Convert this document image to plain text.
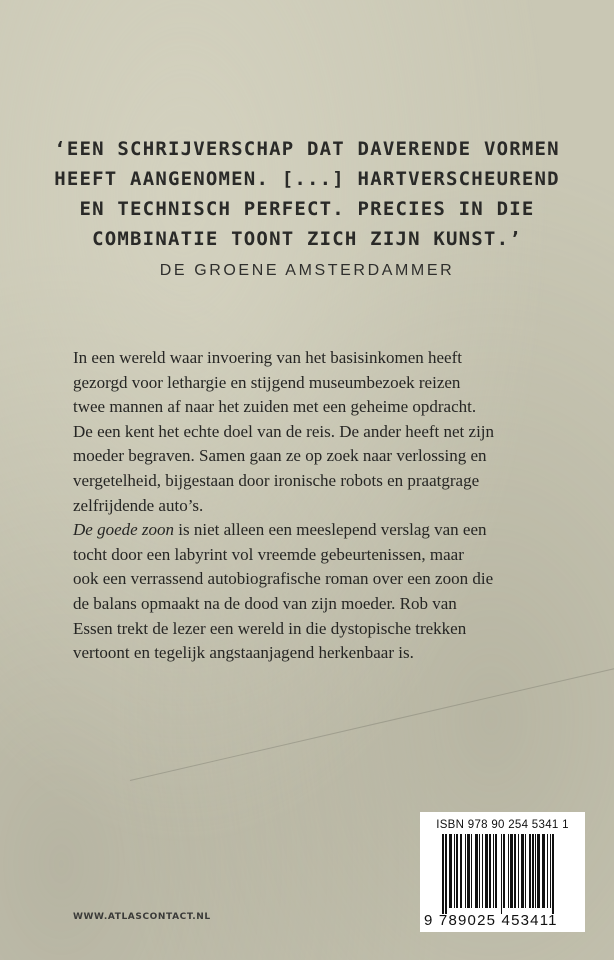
‘EEN SCHRIJVERSCHAP DAT DAVERENDE VORMEN
HEEFT AANGENOMEN. [...] HARTVERSCHEUREND
EN TECHNISCH PERFECT. PRECIES IN DIE
COMBINATIE TOONT ZICH ZIJN KUNST.’
DE GROENE AMSTERDAMMER
In een wereld waar invoering van het basisinkomen heeft
gezorgd voor lethargie en stijgend museumbezoek reizen
twee mannen af naar het zuiden met een geheime opdracht.
De een kent het echte doel van de reis. De ander heeft net zijn
moeder begraven. Samen gaan ze op zoek naar verlossing en
vergetelheid, bijgestaan door ironische robots en praatgrage
zelfrijdende auto’s.
De goede zoon is niet alleen een meeslepend verslag van een
tocht door een labyrint vol vreemde gebeurtenissen, maar
ook een verrassend autobiografische roman over een zoon die
de balans opmaakt na de dood van zijn moeder. Rob van
Essen trekt de lezer een wereld in die dystopische trekken
vertoont en tegelijk angstaanjagend herkenbaar is.
WWW.ATLASCONTACT.NL
ISBN 978 90 254 5341 1
9 789025 453411
